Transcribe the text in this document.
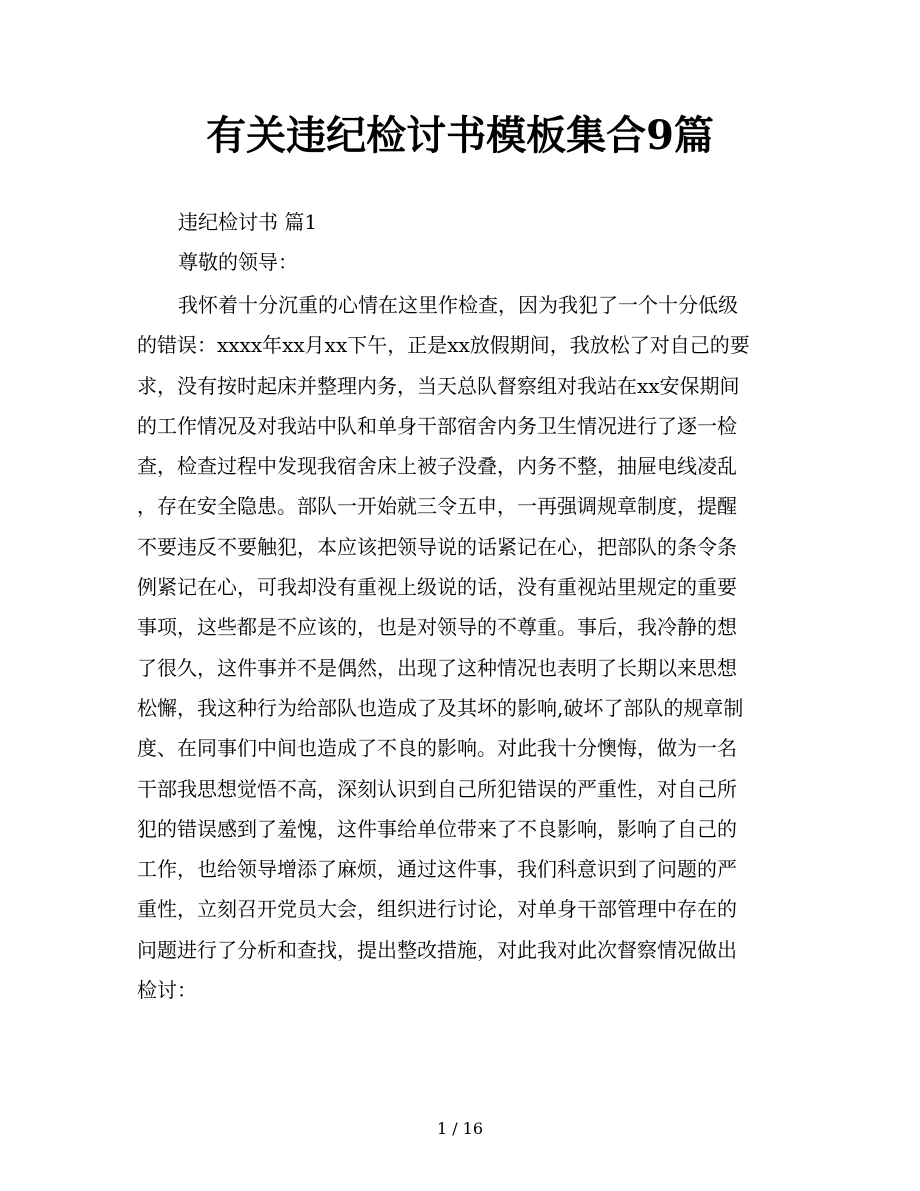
有关违纪检讨书模板集合9篇
违纪检讨书 篇1
尊敬的领导：
我怀着十分沉重的心情在这里作检查，因为我犯了一个十分低级
的错误：xxxx年xx月xx下午，正是xx放假期间，我放松了对自己的要
求，没有按时起床并整理内务，当天总队督察组对我站在xx安保期间
的工作情况及对我站中队和单身干部宿舍内务卫生情况进行了逐一检
查，检查过程中发现我宿舍床上被子没叠，内务不整，抽屉电线凌乱
，存在安全隐患。部队一开始就三令五申，一再强调规章制度，提醒
不要违反不要触犯，本应该把领导说的话紧记在心，把部队的条令条
例紧记在心，可我却没有重视上级说的话，没有重视站里规定的重要
事项，这些都是不应该的，也是对领导的不尊重。事后，我冷静的想
了很久，这件事并不是偶然，出现了这种情况也表明了长期以来思想
松懈，我这种行为给部队也造成了及其坏的影响,破坏了部队的规章制
度、在同事们中间也造成了不良的影响。对此我十分懊悔，做为一名
干部我思想觉悟不高，深刻认识到自己所犯错误的严重性，对自己所
犯的错误感到了羞愧，这件事给单位带来了不良影响，影响了自己的
工作，也给领导增添了麻烦，通过这件事，我们科意识到了问题的严
重性，立刻召开党员大会，组织进行讨论，对单身干部管理中存在的
问题进行了分析和查找，提出整改措施，对此我对此次督察情况做出
检讨：
1 / 16
